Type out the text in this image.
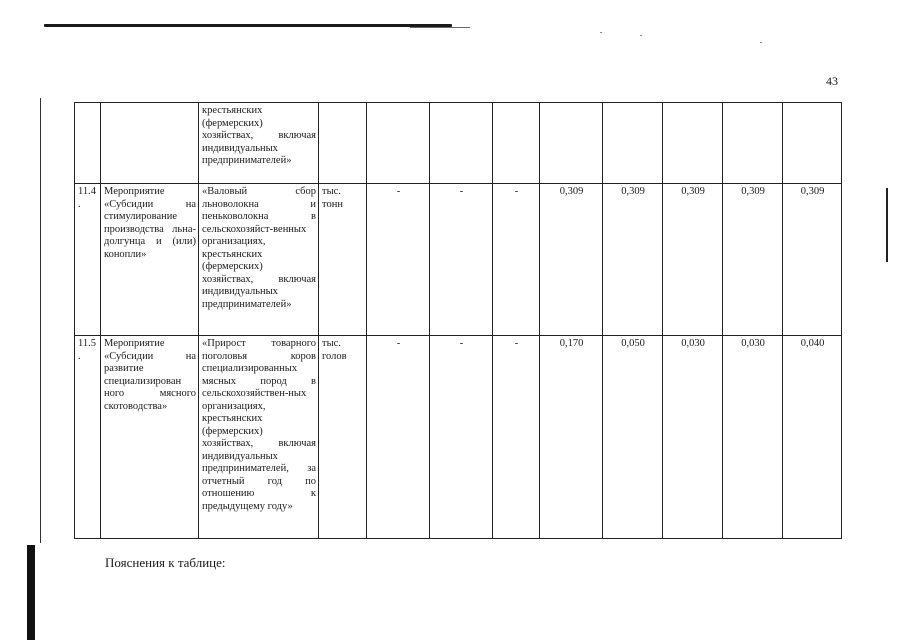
43
		крестьянских (фермерских) хозяйствах, включая индивидуальных предпринимателей»									
11.4 .	Мероприятие «Субсидии на стимулирование производства льна-долгунца и (или) конопли»	«Валовый сбор льноволокна и пеньковолокна в сельскохозяйст-венных организациях, крестьянских (фермерских) хозяйствах, включая индивидуальных предпринимателей»	тыс. тонн	-	-	-	0,309	0,309	0,309	0,309	0,309
11.5 .	Мероприятие «Субсидии на развитие специализирован ного мясного скотоводства»	«Прирост товарного поголовья коров специализированных мясных пород в сельскохозяйствен-ных организациях, крестьянских (фермерских) хозяйствах, включая индивидуальных предпринимателей, за отчетный год по отношению к предыдущему году»	тыс. голов	-	-	-	0,170	0,050	0,030	0,030	0,040
Пояснения к таблице:
